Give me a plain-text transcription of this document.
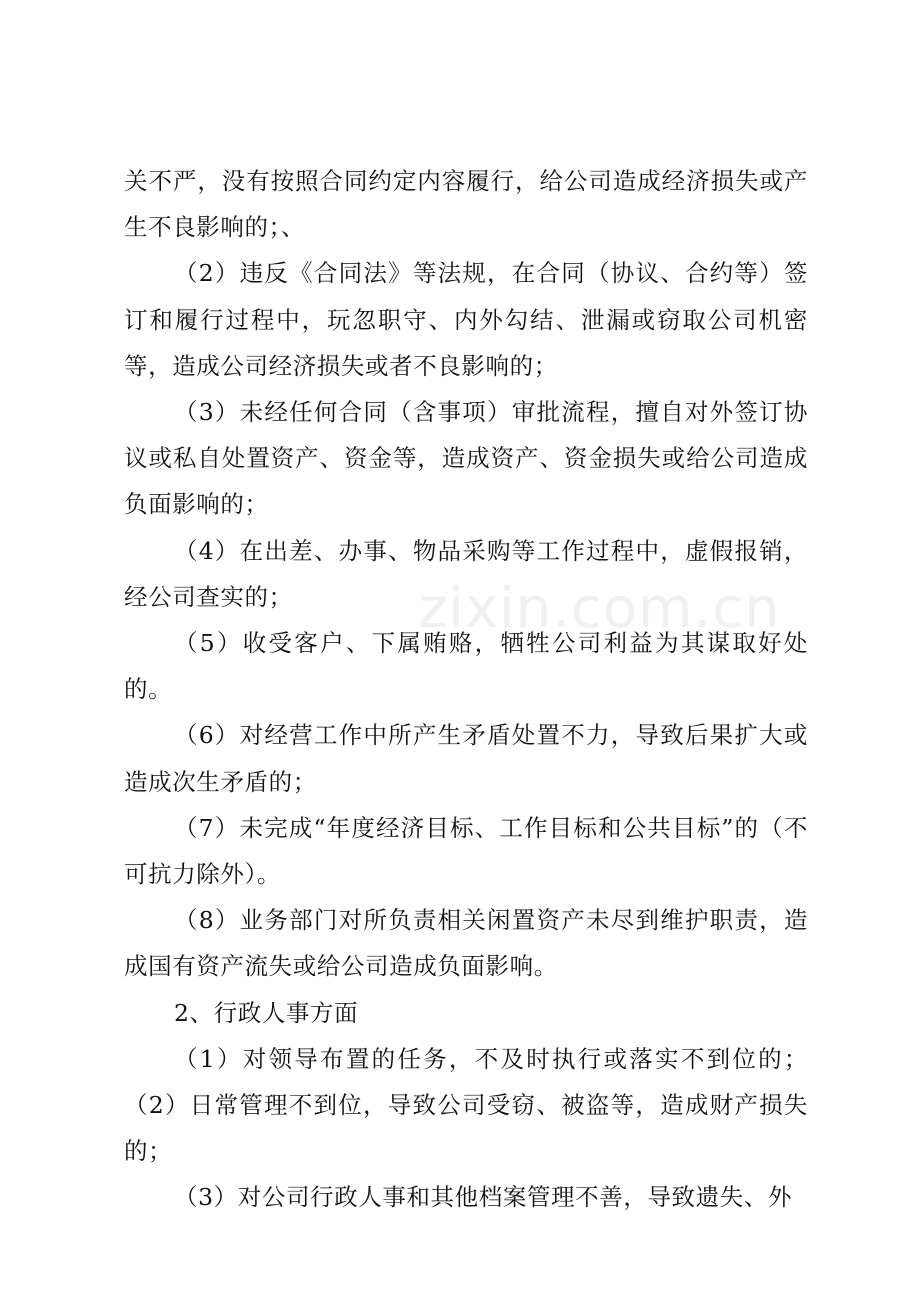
关不严，没有按照合同约定内容履行，给公司造成经济损失或产生不良影响的；、

（2）违反《合同法》等法规，在合同（协议、合约等）签订和履行过程中，玩忽职守、内外勾结、泄漏或窃取公司机密等，造成公司经济损失或者不良影响的；

（3）未经任何合同（含事项）审批流程，擅自对外签订协议或私自处置资产、资金等，造成资产、资金损失或给公司造成负面影响的；

（4）在出差、办事、物品采购等工作过程中，虚假报销，经公司查实的；

（5）收受客户、下属贿赂，牺牲公司利益为其谋取好处的。

（6）对经营工作中所产生矛盾处置不力，导致后果扩大或造成次生矛盾的；

（7）未完成“年度经济目标、工作目标和公共目标”的（不可抗力除外）。

（8）业务部门对所负责相关闲置资产未尽到维护职责，造成国有资产流失或给公司造成负面影响。

2、行政人事方面

（1）对领导布置的任务，不及时执行或落实不到位的；（2）日常管理不到位，导致公司受窃、被盗等，造成财产损失的；

（3）对公司行政人事和其他档案管理不善，导致遗失、外

zixin.com.cn
